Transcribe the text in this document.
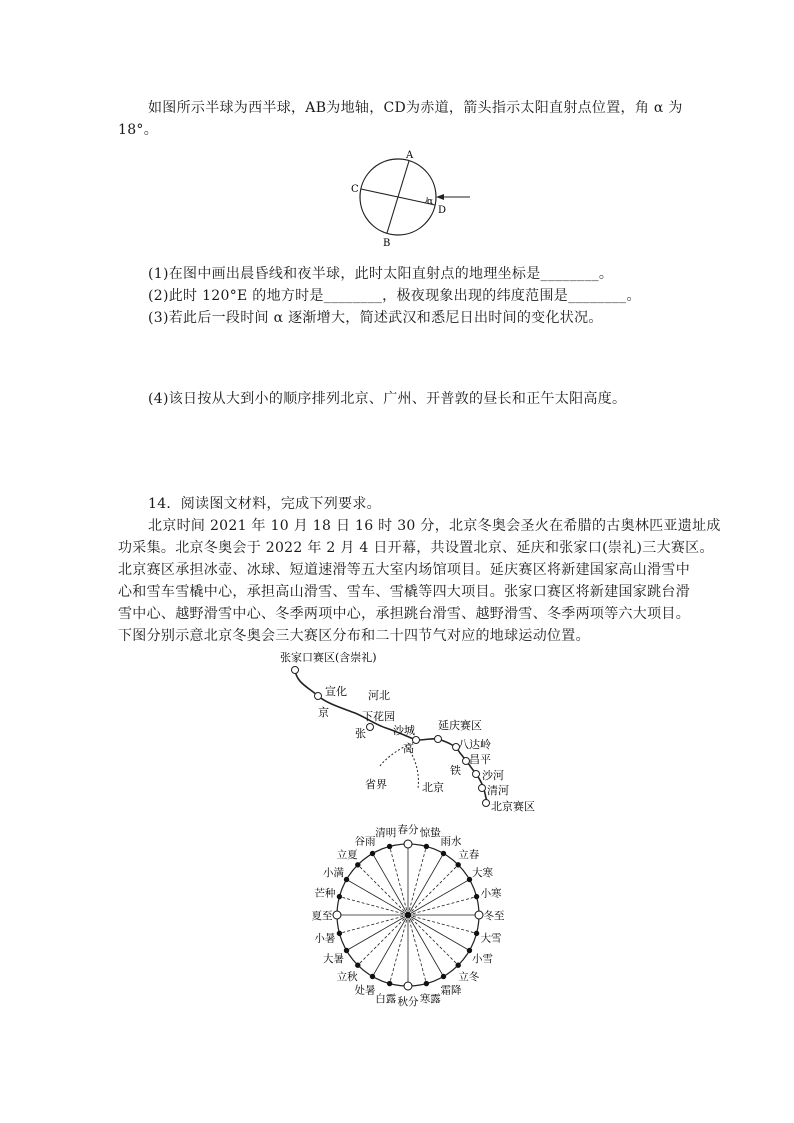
如图所示半球为西半球，AB为地轴，CD为赤道，箭头指示太阳直射点位置，角 α 为
18°。
A
B
C
D
α
(1)在图中画出晨昏线和夜半球，此时太阳直射点的地理坐标是________。
(2)此时 120°E 的地方时是________，极夜现象出现的纬度范围是________。
(3)若此后一段时间 α 逐渐增大，简述武汉和悉尼日出时间的变化状况。
(4)该日按从大到小的顺序排列北京、广州、开普敦的昼长和正午太阳高度。
14．阅读图文材料，完成下列要求。
北京时间 2021 年 10 月 18 日 16 时 30 分，北京冬奥会圣火在希腊的古奥林匹亚遗址成
功采集。北京冬奥会于 2022 年 2 月 4 日开幕，共设置北京、延庆和张家口(崇礼)三大赛区。
北京赛区承担冰壶、冰球、短道速滑等五大室内场馆项目。延庆赛区将新建国家高山滑雪中
心和雪车雪橇中心，承担高山滑雪、雪车、雪橇等四大项目。张家口赛区将新建国家跳台滑
雪中心、越野滑雪中心、冬季两项中心，承担跳台滑雪、越野滑雪、冬季两项等六大项目。
下图分别示意北京冬奥会三大赛区分布和二十四节气对应的地球运动位置。
张家口赛区(含崇礼)
宣化 河北
京	下花园
沙城
张
高
延庆赛区
八达岭
昌平
铁 沙河
清河
北京赛区
省界	北京
春分 惊蛰
雨水
立春
大寒
小寒
冬至
大雪
小雪
立冬
霜降
寒露
秋分
白露
处暑
立秋
大暑
小暑
夏至
芒种
小满
立夏
谷雨
清明
